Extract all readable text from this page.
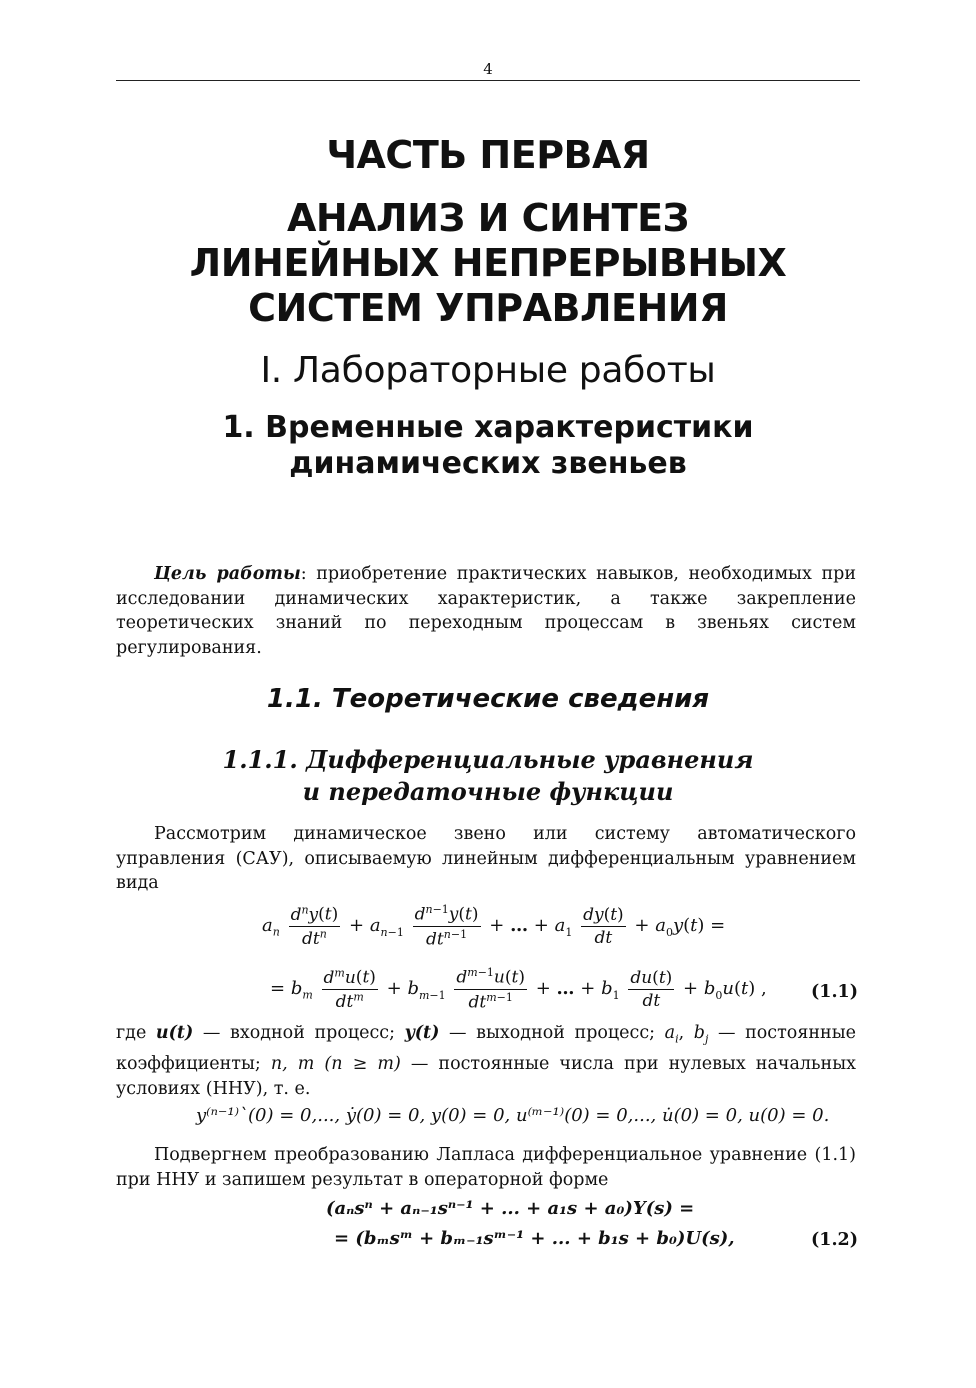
4
ЧАСТЬ ПЕРВАЯ
АНАЛИЗ И СИНТЕЗ
ЛИНЕЙНЫХ НЕПРЕРЫВНЫХ
СИСТЕМ УПРАВЛЕНИЯ
I. Лабораторные работы
1. Временные характеристики
динамических звеньев

Цель работы: приобретение практических навыков, необходимых при исследовании динамических характеристик, а также закрепление теоретических знаний по переходным процессам в звеньях систем регулирования.

1.1. Теоретические сведения
1.1.1. Дифференциальные уравнения
и передаточные функции

Рассмотрим динамическое звено или систему автоматического управления (САУ), описываемую линейным дифференциальным уравнением вида

$a_n \frac{d^ny(t)}{dt^n} + a_{n-1} \frac{d^{n-1}y(t)}{dt^{n-1}}$ + … + $a_1 \frac{dy(t)}{dt} + a_0y(t)$ =
= $b_m \frac{d^mu(t)}{dt^m} + b_{m-1} \frac{d^{m-1}u(t)}{dt^{m-1}}$ + … + $b_1 \frac{du(t)}{dt} + b_0u(t)$ ,	(1.1)

где u(t) — входной процесс; y(t) — выходной процесс; $a_i$, $b_j$ — постоянные коэффициенты; n, m (n ≥ m) — постоянные числа при нулевых начальных условиях (ННУ), т. е.

y⁽ⁿ⁻¹⁾`(0) = 0,..., ẏ(0) = 0, y(0) = 0, u⁽ᵐ⁻¹⁾(0) = 0,..., u̇(0) = 0, u(0) = 0.

Подвергнем преобразованию Лапласа дифференциальное уравнение (1.1) при ННУ и запишем результат в операторной форме

(aₙsⁿ + aₙ₋₁sⁿ⁻¹ + ... + a₁s + a₀)Y(s) =
= (bₘsᵐ + bₘ₋₁sᵐ⁻¹ + ... + b₁s + b₀)U(s),	(1.2)
